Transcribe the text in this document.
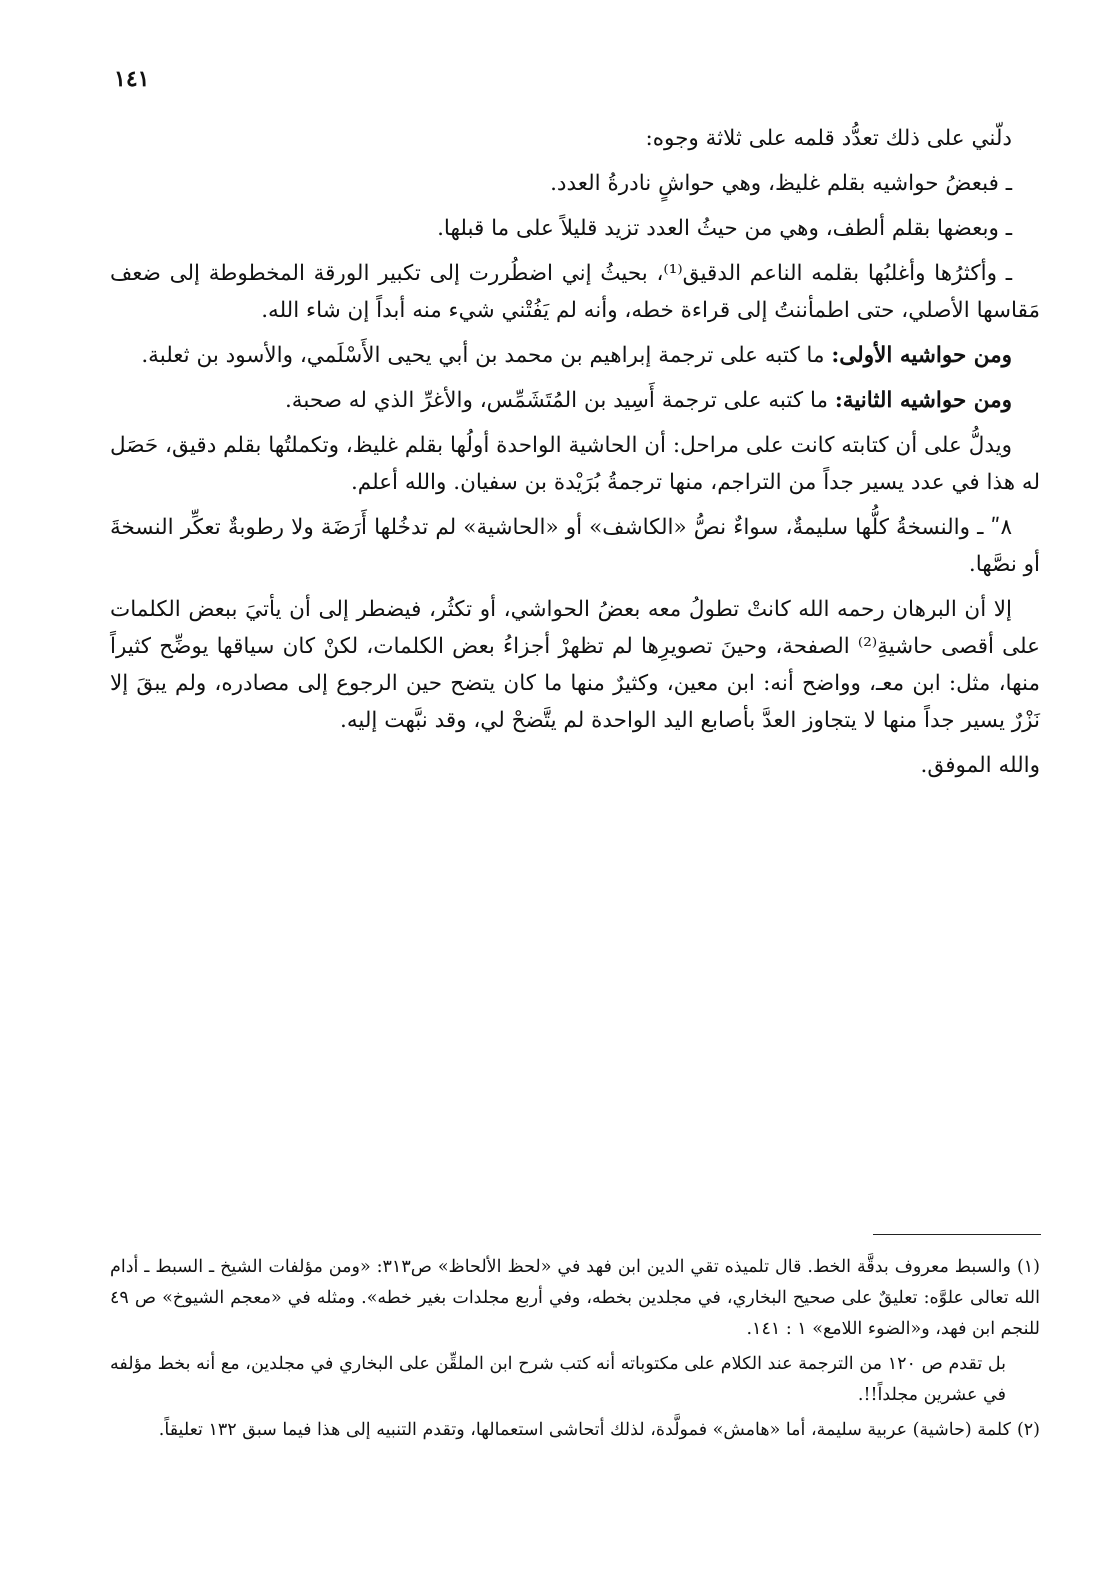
١٤١

دلّني على ذلك تعدُّد قلمه على ثلاثة وجوه:

ـ فبعضُ حواشيه بقلم غليظ، وهي حواشٍ نادرةُ العدد.

ـ وبعضها بقلم ألطف، وهي من حيثُ العدد تزيد قليلاً على ما قبلها.

ـ وأكثرُها وأغلبُها بقلمه الناعم الدقيق⁽¹⁾، بحيثُ إني اضطُررت إلى تكبير الورقة المخطوطة إلى ضعف مَقاسها الأصلي، حتى اطمأننتُ إلى قراءة خطه، وأنه لم يَفُتْني شيء منه أبداً إن شاء الله.

ومن حواشيه الأولى: ما كتبه على ترجمة إبراهيم بن محمد بن أبي يحيى الأَسْلَمي، والأسود بن ثعلبة.

ومن حواشيه الثانية: ما كتبه على ترجمة أَسِيد بن المُتَشَمِّس، والأغرِّ الذي له صحبة.

ويدلُّ على أن كتابته كانت على مراحل: أن الحاشية الواحدة أولُها بقلم غليظ، وتكملتُها بقلم دقيق، حَصَل له هذا في عدد يسير جداً من التراجم، منها ترجمةُ بُرَيْدة بن سفيان. والله أعلم.

٨ʺ ـ والنسخةُ كلُّها سليمةٌ، سواءٌ نصُّ «الكاشف» أو «الحاشية» لم تدخُلها أَرَضَة ولا رطوبةٌ تعكِّر النسخةَ أو نصَّها.

إلا أن البرهان رحمه الله كانتْ تطولُ معه بعضُ الحواشي، أو تكثُر، فيضطر إلى أن يأتيَ ببعض الكلمات على أقصى حاشيةِ⁽²⁾ الصفحة، وحينَ تصويرِها لم تظهرْ أجزاءُ بعض الكلمات، لكنْ كان سياقها يوضِّح كثيراً منها، مثل: ابن معـ، وواضح أنه: ابن معين، وكثيرٌ منها ما كان يتضح حين الرجوع إلى مصادره، ولم يبقَ إلا نَزْرٌ يسير جداً منها لا يتجاوز العدَّ بأصابع اليد الواحدة لم يتَّضحْ لي، وقد نبَّهت إليه.

والله الموفق.

(١)والسبط معروف بدقَّة الخط. قال تلميذه تقي الدين ابن فهد في «لحظ الألحاظ» ص٣١٣: «ومن مؤلفات الشيخ ـ السبط ـ أدام الله تعالى علوَّه: تعليقٌ على صحيح البخاري، في مجلدين بخطه، وفي أربع مجلدات بغير خطه». ومثله في «معجم الشيوخ» ص ٤٩ للنجم ابن فهد، و«الضوء اللامع» ١ : ١٤١.

بل تقدم ص ١٢٠ من الترجمة عند الكلام على مكتوباته أنه كتب شرح ابن الملقِّن على البخاري في مجلدين، مع أنه بخط مؤلفه في عشرين مجلداً!!.

(٢)كلمة (حاشية) عربية سليمة، أما «هامش» فمولَّدة، لذلك أتحاشى استعمالها، وتقدم التنبيه إلى هذا فيما سبق ١٣٢ تعليقاً.
